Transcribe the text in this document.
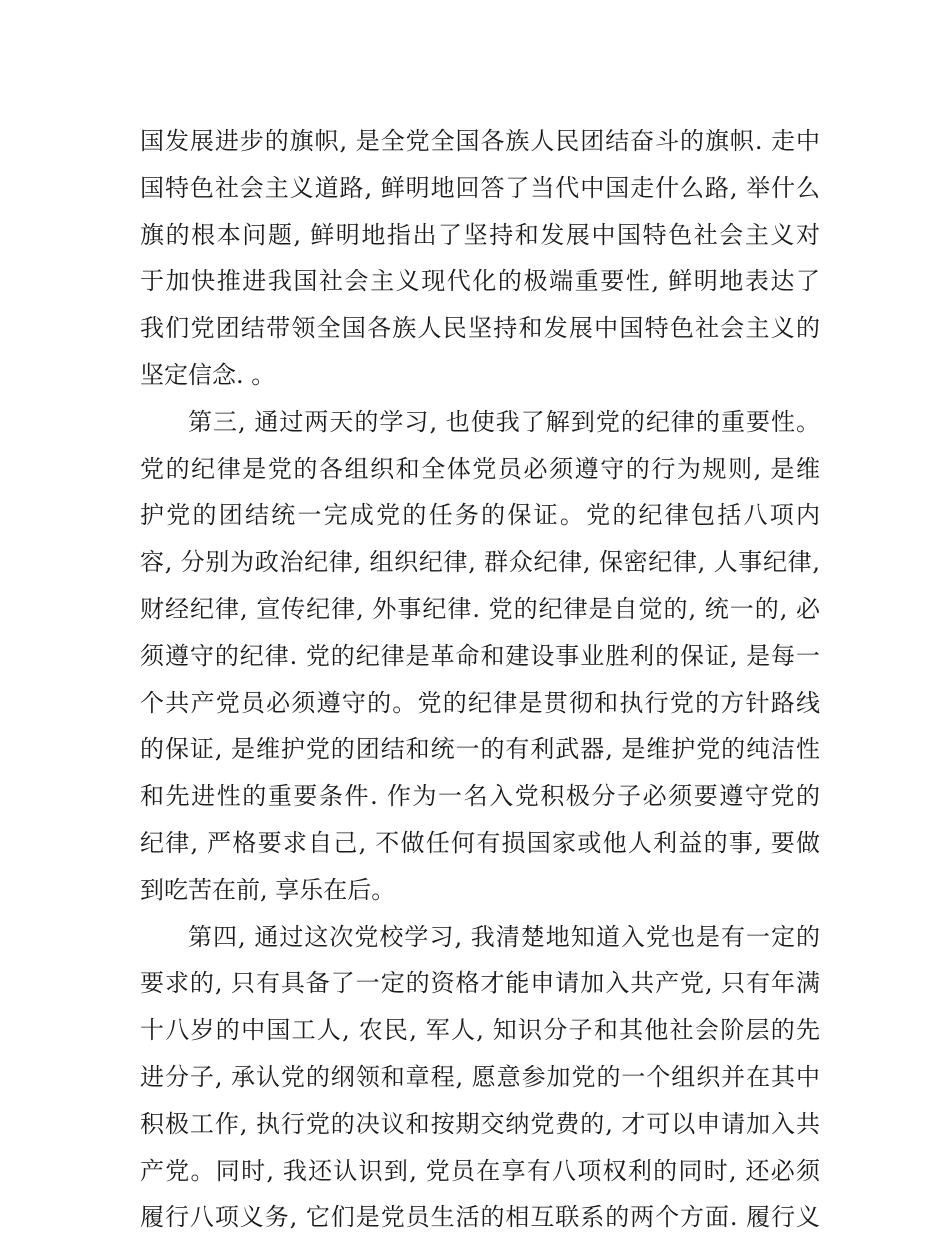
国发展进步的旗帜, 是全党全国各族人民团结奋斗的旗帜. 走中
国特色社会主义道路, 鲜明地回答了当代中国走什么路, 举什么
旗的根本问题, 鲜明地指出了坚持和发展中国特色社会主义对
于加快推进我国社会主义现代化的极端重要性, 鲜明地表达了
我们党团结带领全国各族人民坚持和发展中国特色社会主义的
坚定信念. 。
第三, 通过两天的学习, 也使我了解到党的纪律的重要性。
党的纪律是党的各组织和全体党员必须遵守的行为规则, 是维
护党的团结统一完成党的任务的保证。党的纪律包括八项内
容, 分别为政治纪律, 组织纪律, 群众纪律, 保密纪律, 人事纪律,
财经纪律, 宣传纪律, 外事纪律. 党的纪律是自觉的, 统一的, 必
须遵守的纪律. 党的纪律是革命和建设事业胜利的保证, 是每一
个共产党员必须遵守的。党的纪律是贯彻和执行党的方针路线
的保证, 是维护党的团结和统一的有利武器, 是维护党的纯洁性
和先进性的重要条件. 作为一名入党积极分子必须要遵守党的
纪律, 严格要求自己, 不做任何有损国家或他人利益的事, 要做
到吃苦在前, 享乐在后。
第四, 通过这次党校学习, 我清楚地知道入党也是有一定的
要求的, 只有具备了一定的资格才能申请加入共产党, 只有年满
十八岁的中国工人, 农民, 军人, 知识分子和其他社会阶层的先
进分子, 承认党的纲领和章程, 愿意参加党的一个组织并在其中
积极工作, 执行党的决议和按期交纳党费的, 才可以申请加入共
产党。同时, 我还认识到, 党员在享有八项权利的同时, 还必须
履行八项义务, 它们是党员生活的相互联系的两个方面. 履行义
